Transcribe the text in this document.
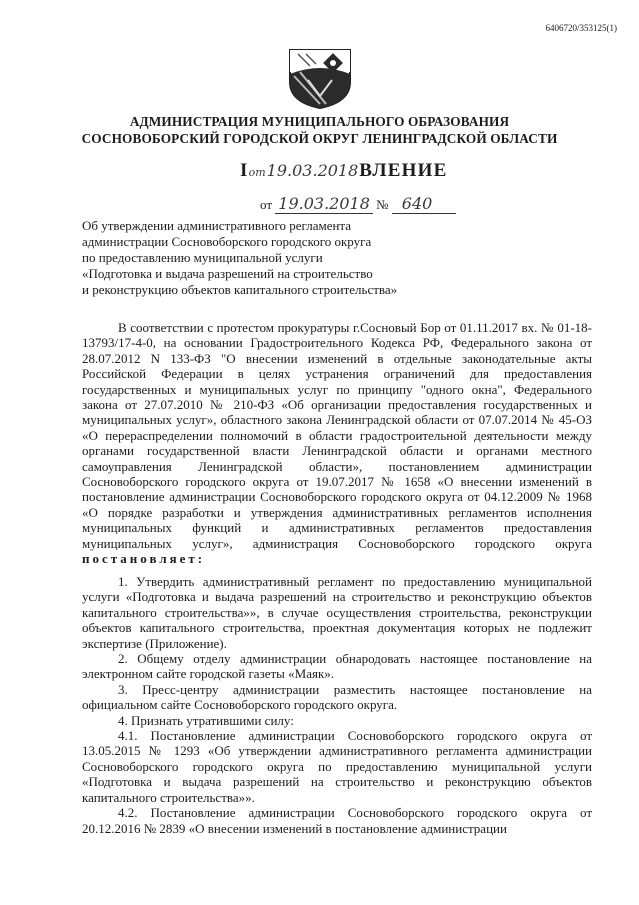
6406720/353125(1)
АДМИНИСТРАЦИЯ МУНИЦИПАЛЬНОГО ОБРАЗОВАНИЯ
СОСНОВОБОРСКИЙ ГОРОДСКОЙ ОКРУГ ЛЕНИНГРАДСКОЙ ОБЛАСТИ
Iот19.03.2018ВЛЕНИЕ
от 19.03.2018 № 640
Об утверждении административного регламента
администрации Сосновоборского городского округа
по предоставлению муниципальной услуги
«Подготовка и выдача разрешений на строительство
и реконструкцию объектов капитального строительства»

В соответствии с протестом прокуратуры г.Сосновый Бор от 01.11.2017 вх. № 01-18-13793/17-4-0, на основании Градостроительного Кодекса РФ, Федерального закона от 28.07.2012 N 133-ФЗ "О внесении изменений в отдельные законодательные акты Российской Федерации в целях устранения ограничений для предоставления государственных и муниципальных услуг по принципу "одного окна", Федерального закона от 27.07.2010 № 210-ФЗ «Об организации предоставления государственных и муниципальных услуг», областного закона Ленинградской области от 07.07.2014 № 45-ОЗ «О перераспределении полномочий в области градостроительной деятельности между органами государственной власти Ленинградской области и органами местного самоуправления Ленинградской области», постановлением администрации Сосновоборского городского округа от 19.07.2017 № 1658 «О внесении изменений в постановление администрации Сосновоборского городского округа от 04.12.2009 № 1968 «О порядке разработки и утверждения административных регламентов исполнения муниципальных функций и административных регламентов предоставления муниципальных услуг», администрация Сосновоборского городского округа постановляет:

1. Утвердить административный регламент по предоставлению муниципальной услуги «Подготовка и выдача разрешений на строительство и реконструкцию объектов капитального строительства»», в случае осуществления строительства, реконструкции объектов капитального строительства, проектная документация которых не подлежит экспертизе (Приложение).

2. Общему отделу администрации обнародовать настоящее постановление на электронном сайте городской газеты «Маяк».

3. Пресс-центру администрации разместить настоящее постановление на официальном сайте Сосновоборского городского округа.

4. Признать утратившими силу:

4.1. Постановление администрации Сосновоборского городского округа от 13.05.2015 № 1293 «Об утверждении административного регламента администрации Сосновоборского городского округа по предоставлению муниципальной услуги «Подготовка и выдача разрешений на строительство и реконструкцию объектов капитального строительства»».

4.2. Постановление администрации Сосновоборского городского округа от 20.12.2016 № 2839 «О внесении изменений в постановление администрации
